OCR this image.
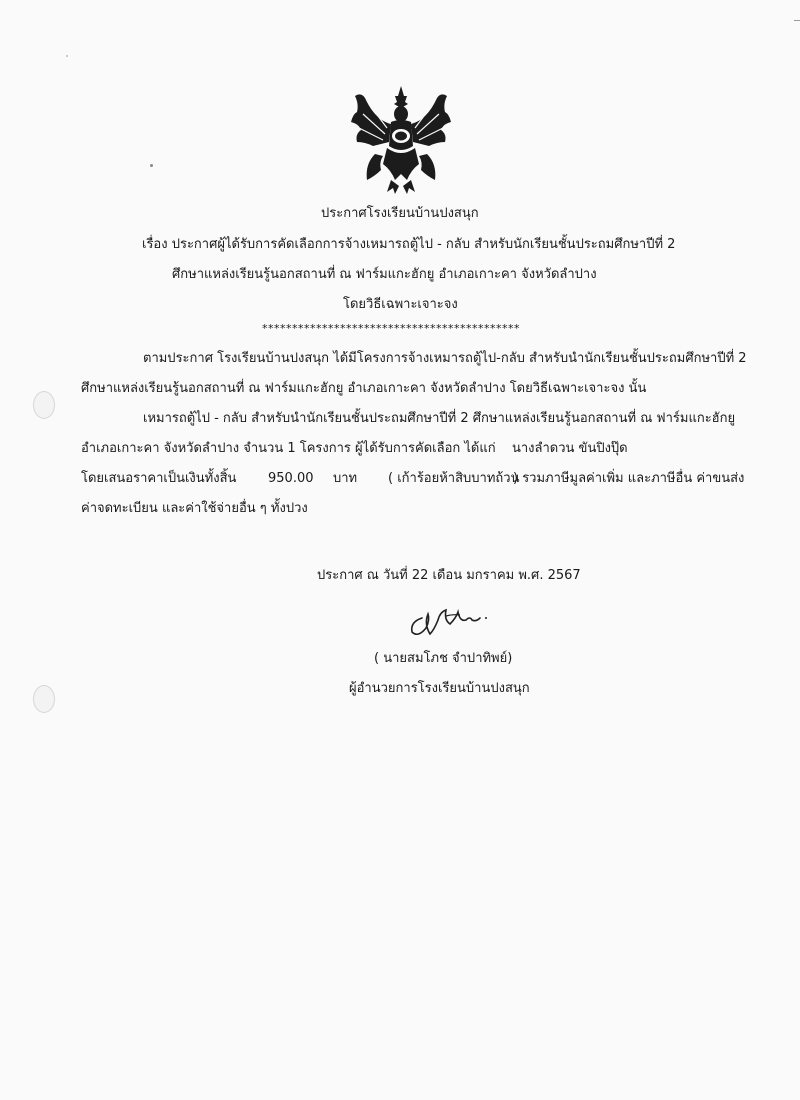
ประกาศโรงเรียนบ้านปงสนุก
เรื่อง ประกาศผู้ได้รับการคัดเลือกการจ้างเหมารถตู้ไป - กลับ สำหรับนักเรียนชั้นประถมศึกษาปีที่ 2
ศึกษาแหล่งเรียนรู้นอกสถานที่ ณ ฟาร์มแกะฮักยู อำเภอเกาะคา จังหวัดลำปาง
โดยวิธีเฉพาะเจาะจง
*******************************************
ตามประกาศ โรงเรียนบ้านปงสนุก ได้มีโครงการจ้างเหมารถตู้ไป-กลับ สำหรับนำนักเรียนชั้นประถมศึกษาปีที่ 2
ศึกษาแหล่งเรียนรู้นอกสถานที่ ณ ฟาร์มแกะฮักยู อำเภอเกาะคา จังหวัดลำปาง โดยวิธีเฉพาะเจาะจง นั้น
เหมารถตู้ไป - กลับ สำหรับนำนักเรียนชั้นประถมศึกษาปีที่ 2 ศึกษาแหล่งเรียนรู้นอกสถานที่ ณ ฟาร์มแกะฮักยู
อำเภอเกาะคา จังหวัดลำปาง จำนวน 1 โครงการ ผู้ได้รับการคัดเลือก ได้แก่ นางลำดวน ขันปิงปุ๊ด
โดยเสนอราคาเป็นเงินทั้งสิ้น 950.00 บาท ( เก้าร้อยห้าสิบบาทถ้วน
) รวมภาษีมูลค่าเพิ่ม และภาษีอื่น ค่าขนส่ง
ค่าจดทะเบียน และค่าใช้จ่ายอื่น ๆ ทั้งปวง
ประกาศ ณ วันที่ 22 เดือน มกราคม พ.ศ. 2567
( นายสมโภช จำปาทิพย์)
ผู้อำนวยการโรงเรียนบ้านปงสนุก
